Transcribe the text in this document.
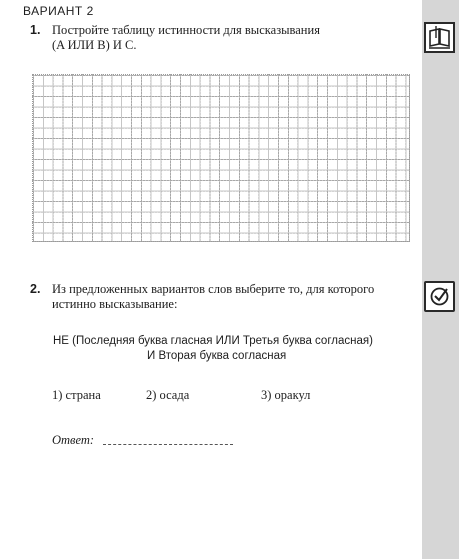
ВАРИАНТ 2
1. Постройте таблицу истинности для высказывания

(A ИЛИ B) И C.

2. Из предложенных вариантов слов выберите то, для которого

истинно высказывание:

НЕ (Последняя буква гласная ИЛИ Третья буква согласная)
И Вторая буква согласная
1) страна	2) осада	3) оракул
Ответ:
